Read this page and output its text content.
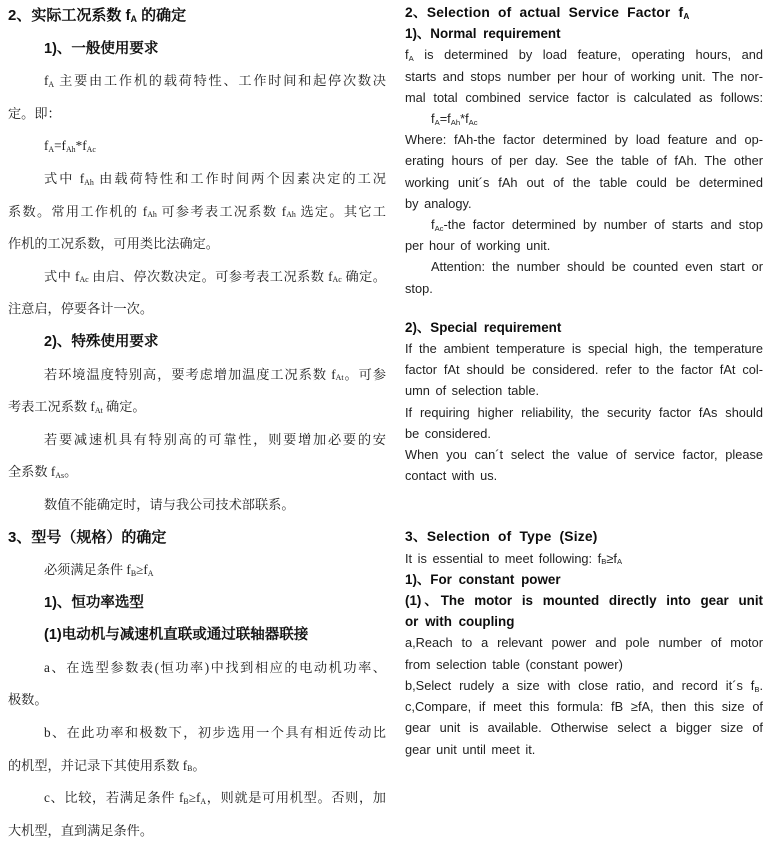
2、实际工况系数 $f_A$ 的确定
1)、一般使用要求
$f_A$ 主要由工作机的载荷特性、工作时间和起停次数决
定。即：
$f_A=f_{Ah}*f_{Ac}$
式中 $f_{Ah}$ 由载荷特性和工作时间两个因素决定的工况
系数。常用工作机的 $f_{Ah}$ 可参考表工况系数 $f_{Ah}$ 选定。其它工
作机的工况系数，可用类比法确定。
式中 $f_{Ac}$ 由启、停次数决定。可参考表工况系数 $f_{Ac}$ 确定。
注意启，停要各计一次。
2)、特殊使用要求
若环境温度特别高，要考虑增加温度工况系数 $f_{At}$。可参
考表工况系数 $f_{At}$ 确定。
若要减速机具有特别高的可靠性，则要增加必要的安
全系数 $f_{As}$。
数值不能确定时，请与我公司技术部联系。
3、型号（规格）的确定
必须满足条件 $f_B\ge f_A$
1)、恒功率选型
(1)电动机与减速机直联或通过联轴器联接
a、在选型参数表(恒功率)中找到相应的电动机功率、
极数。
b、在此功率和极数下，初步选用一个具有相近传动比
的机型，并记录下其使用系数 $f_B$。
c、比较，若满足条件 $f_B\ge f_A$，则就是可用机型。否则，加
大机型，直到满足条件。
2、Selection of actual Service Factor $f_A$
1)、Normal requirement
$f_A$ is determined by load feature, operating hours, and
starts and stops number per hour of working unit. The nor-
mal total combined service factor is calculated as follows:
$f_A=f_{Ah}*f_{Ac}$
Where: fAh-the factor determined by load feature and op-
erating hours of per day. See the table of fAh. The other
working unit´s fAh out of the table could be determined
by analogy.
$f_{Ac}$-the factor determined by number of starts and stop
per hour of working unit.
Attention: the number should be counted even start or
stop.
2)、Special requirement
If the ambient temperature is special high, the temperature
factor fAt should be considered. refer to the factor fAt col-
umn of selection table.
If requiring higher reliability, the security factor fAs should
be considered.
When you can´t select the value of service factor, please
contact with us.
3、Selection of Type (Size)
It is essential to meet following: $f_B\ge f_A$
1)、For constant power
(1)、The motor is mounted directly into gear unit
or with coupling
a,Reach to a relevant power and pole number of motor
from selection table (constant power)
b,Select rudely a size with close ratio, and record it´s $f_B$.
c,Compare, if meet this formula: fB ≥fA, then this size of
gear unit is available. Otherwise select a bigger size of
gear unit until meet it.
